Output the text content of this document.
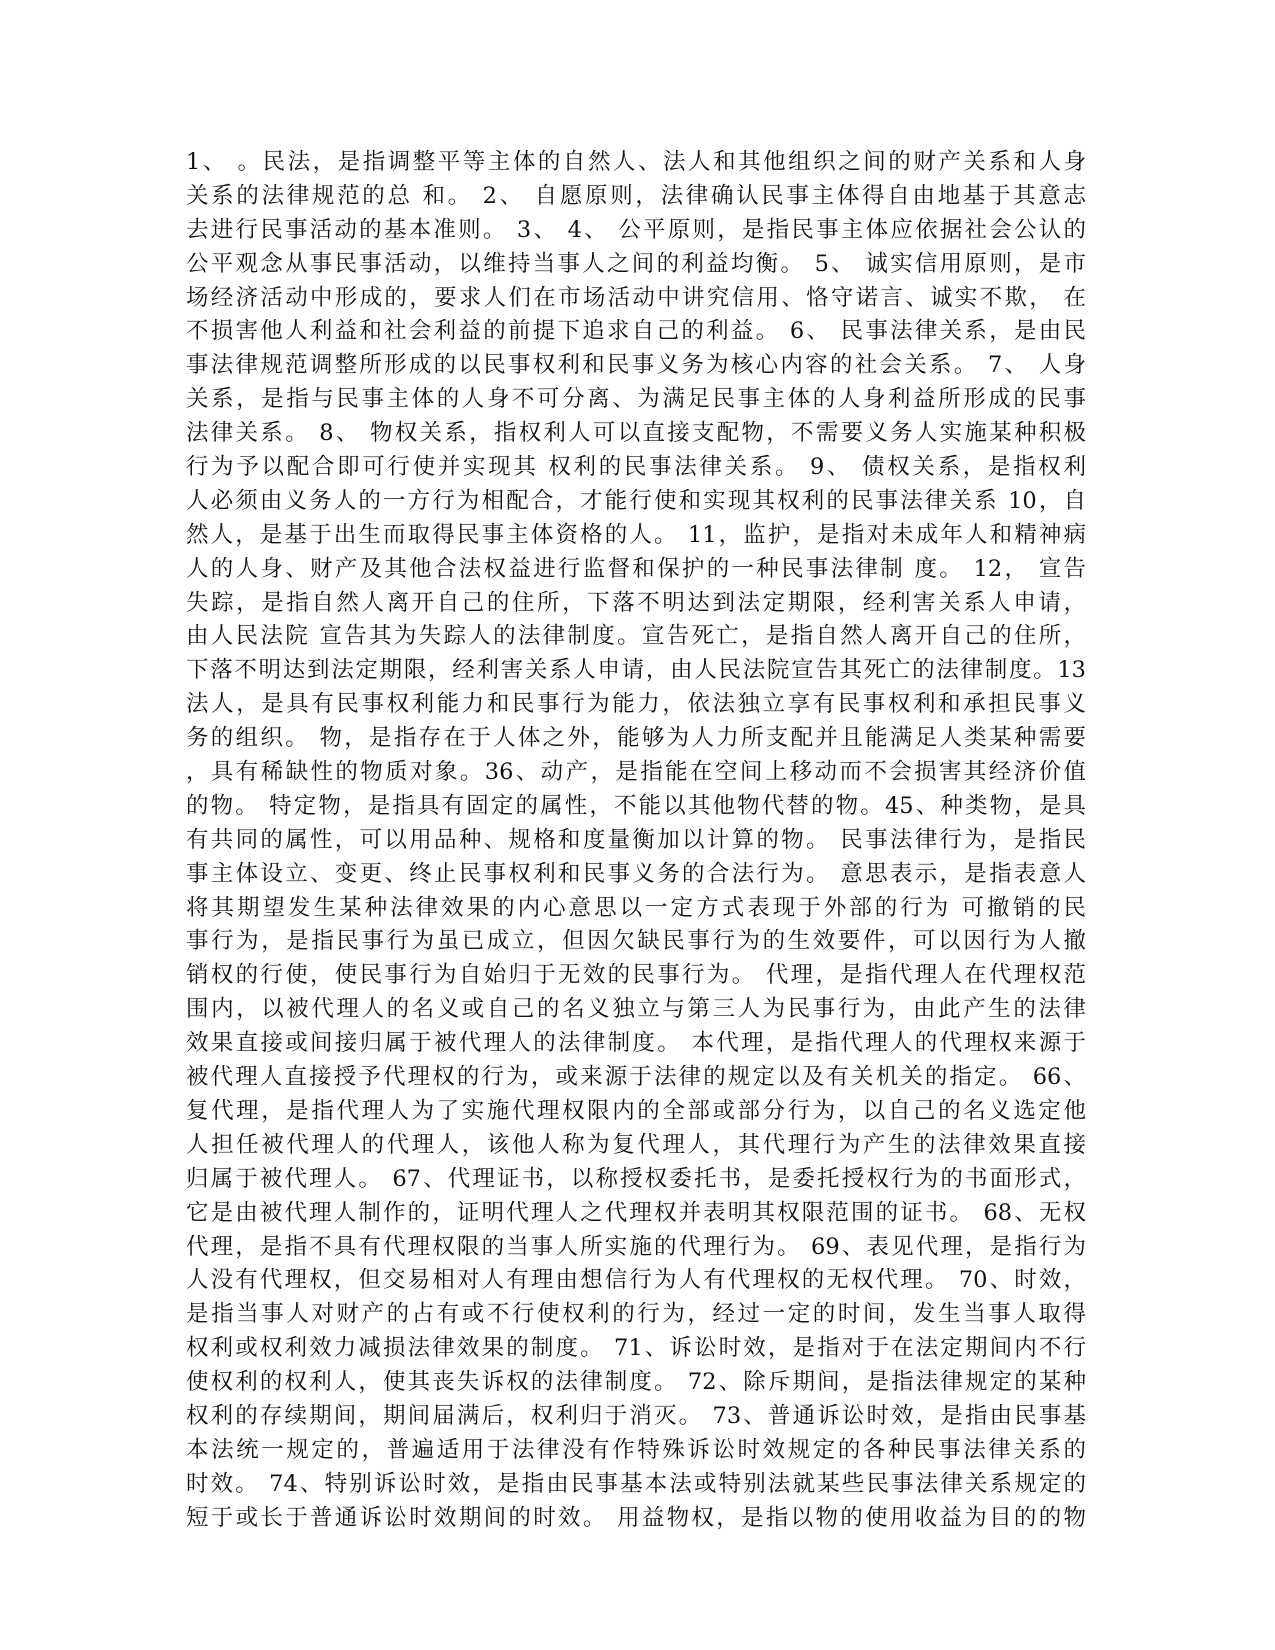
1、 。民法，是指调整平等主体的自然人、法人和其他组织之间的财产关系和人身
关系的法律规范的总 和。 2、 自愿原则，法律确认民事主体得自由地基于其意志
去进行民事活动的基本准则。 3、 4、 公平原则，是指民事主体应依据社会公认的
公平观念从事民事活动，以维持当事人之间的利益均衡。 5、 诚实信用原则，是市
场经济活动中形成的，要求人们在市场活动中讲究信用、恪守诺言、诚实不欺， 在
不损害他人利益和社会利益的前提下追求自己的利益。 6、 民事法律关系，是由民
事法律规范调整所形成的以民事权利和民事义务为核心内容的社会关系。 7、 人身
关系，是指与民事主体的人身不可分离、为满足民事主体的人身利益所形成的民事
法律关系。 8、 物权关系，指权利人可以直接支配物，不需要义务人实施某种积极
行为予以配合即可行使并实现其 权利的民事法律关系。 9、 债权关系，是指权利
人必须由义务人的一方行为相配合，才能行使和实现其权利的民事法律关系 10，自
然人，是基于出生而取得民事主体资格的人。 11，监护，是指对未成年人和精神病
人的人身、财产及其他合法权益进行监督和保护的一种民事法律制 度。 12， 宣告
失踪，是指自然人离开自己的住所，下落不明达到法定期限，经利害关系人申请，
由人民法院 宣告其为失踪人的法律制度。宣告死亡，是指自然人离开自己的住所，
下落不明达到法定期限，经利害关系人申请，由人民法院宣告其死亡的法律制度。13
法人，是具有民事权利能力和民事行为能力，依法独立享有民事权利和承担民事义
务的组织。 物，是指存在于人体之外，能够为人力所支配并且能满足人类某种需要
，具有稀缺性的物质对象。36、动产，是指能在空间上移动而不会损害其经济价值
的物。 特定物，是指具有固定的属性，不能以其他物代替的物。45、种类物，是具
有共同的属性，可以用品种、规格和度量衡加以计算的物。 民事法律行为，是指民
事主体设立、变更、终止民事权利和民事义务的合法行为。 意思表示，是指表意人
将其期望发生某种法律效果的内心意思以一定方式表现于外部的行为 可撤销的民
事行为，是指民事行为虽已成立，但因欠缺民事行为的生效要件，可以因行为人撤
销权的行使，使民事行为自始归于无效的民事行为。 代理，是指代理人在代理权范
围内，以被代理人的名义或自己的名义独立与第三人为民事行为，由此产生的法律
效果直接或间接归属于被代理人的法律制度。 本代理，是指代理人的代理权来源于
被代理人直接授予代理权的行为，或来源于法律的规定以及有关机关的指定。 66、
复代理，是指代理人为了实施代理权限内的全部或部分行为，以自己的名义选定他
人担任被代理人的代理人，该他人称为复代理人，其代理行为产生的法律效果直接
归属于被代理人。 67、代理证书，以称授权委托书，是委托授权行为的书面形式，
它是由被代理人制作的，证明代理人之代理权并表明其权限范围的证书。 68、无权
代理，是指不具有代理权限的当事人所实施的代理行为。 69、表见代理，是指行为
人没有代理权，但交易相对人有理由想信行为人有代理权的无权代理。 70、时效，
是指当事人对财产的占有或不行使权利的行为，经过一定的时间，发生当事人取得
权利或权利效力减损法律效果的制度。 71、诉讼时效，是指对于在法定期间内不行
使权利的权利人，使其丧失诉权的法律制度。 72、除斥期间，是指法律规定的某种
权利的存续期间，期间届满后，权利归于消灭。 73、普通诉讼时效，是指由民事基
本法统一规定的，普遍适用于法律没有作特殊诉讼时效规定的各种民事法律关系的
时效。 74、特别诉讼时效，是指由民事基本法或特别法就某些民事法律关系规定的
短于或长于普通诉讼时效期间的时效。 用益物权，是指以物的使用收益为目的的物
